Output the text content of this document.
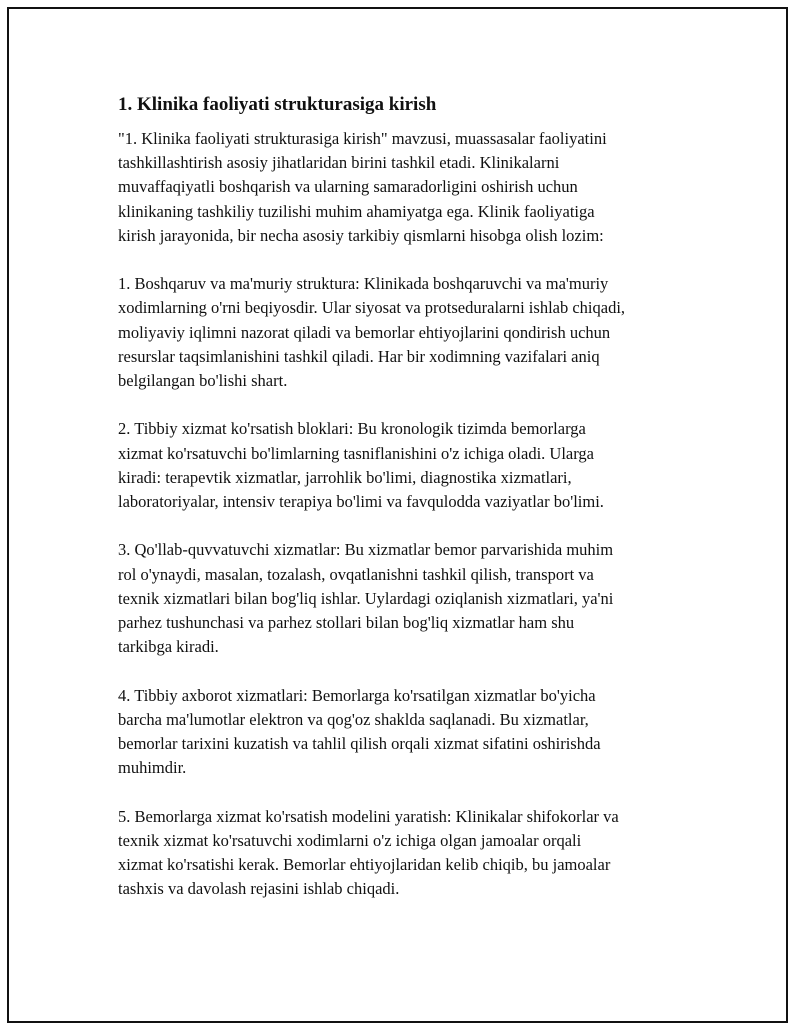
1. Klinika faoliyati strukturasiga kirish

"1. Klinika faoliyati strukturasiga kirish" mavzusi, muassasalar faoliyatini
tashkillashtirish asosiy jihatlaridan birini tashkil etadi. Klinikalarni
muvaffaqiyatli boshqarish va ularning samaradorligini oshirish uchun
klinikaning tashkiliy tuzilishi muhim ahamiyatga ega. Klinik faoliyatiga
kirish jarayonida, bir necha asosiy tarkibiy qismlarni hisobga olish lozim:

1. Boshqaruv va ma'muriy struktura: Klinikada boshqaruvchi va ma'muriy
xodimlarning o'rni beqiyosdir. Ular siyosat va protseduralarni ishlab chiqadi,
moliyaviy iqlimni nazorat qiladi va bemorlar ehtiyojlarini qondirish uchun
resurslar taqsimlanishini tashkil qiladi. Har bir xodimning vazifalari aniq
belgilangan bo'lishi shart.

2. Tibbiy xizmat ko'rsatish bloklari: Bu kronologik tizimda bemorlarga
xizmat ko'rsatuvchi bo'limlarning tasniflanishini o'z ichiga oladi. Ularga
kiradi: terapevtik xizmatlar, jarrohlik bo'limi, diagnostika xizmatlari,
laboratoriyalar, intensiv terapiya bo'limi va favqulodda vaziyatlar bo'limi.

3. Qo'llab-quvvatuvchi xizmatlar: Bu xizmatlar bemor parvarishida muhim
rol o'ynaydi, masalan, tozalash, ovqatlanishni tashkil qilish, transport va
texnik xizmatlari bilan bog'liq ishlar. Uylardagi oziqlanish xizmatlari, ya'ni
parhez tushunchasi va parhez stollari bilan bog'liq xizmatlar ham shu
tarkibga kiradi.

4. Tibbiy axborot xizmatlari: Bemorlarga ko'rsatilgan xizmatlar bo'yicha
barcha ma'lumotlar elektron va qog'oz shaklda saqlanadi. Bu xizmatlar,
bemorlar tarixini kuzatish va tahlil qilish orqali xizmat sifatini oshirishda
muhimdir.

5. Bemorlarga xizmat ko'rsatish modelini yaratish: Klinikalar shifokorlar va
texnik xizmat ko'rsatuvchi xodimlarni o'z ichiga olgan jamoalar orqali
xizmat ko'rsatishi kerak. Bemorlar ehtiyojlaridan kelib chiqib, bu jamoalar
tashxis va davolash rejasini ishlab chiqadi.
